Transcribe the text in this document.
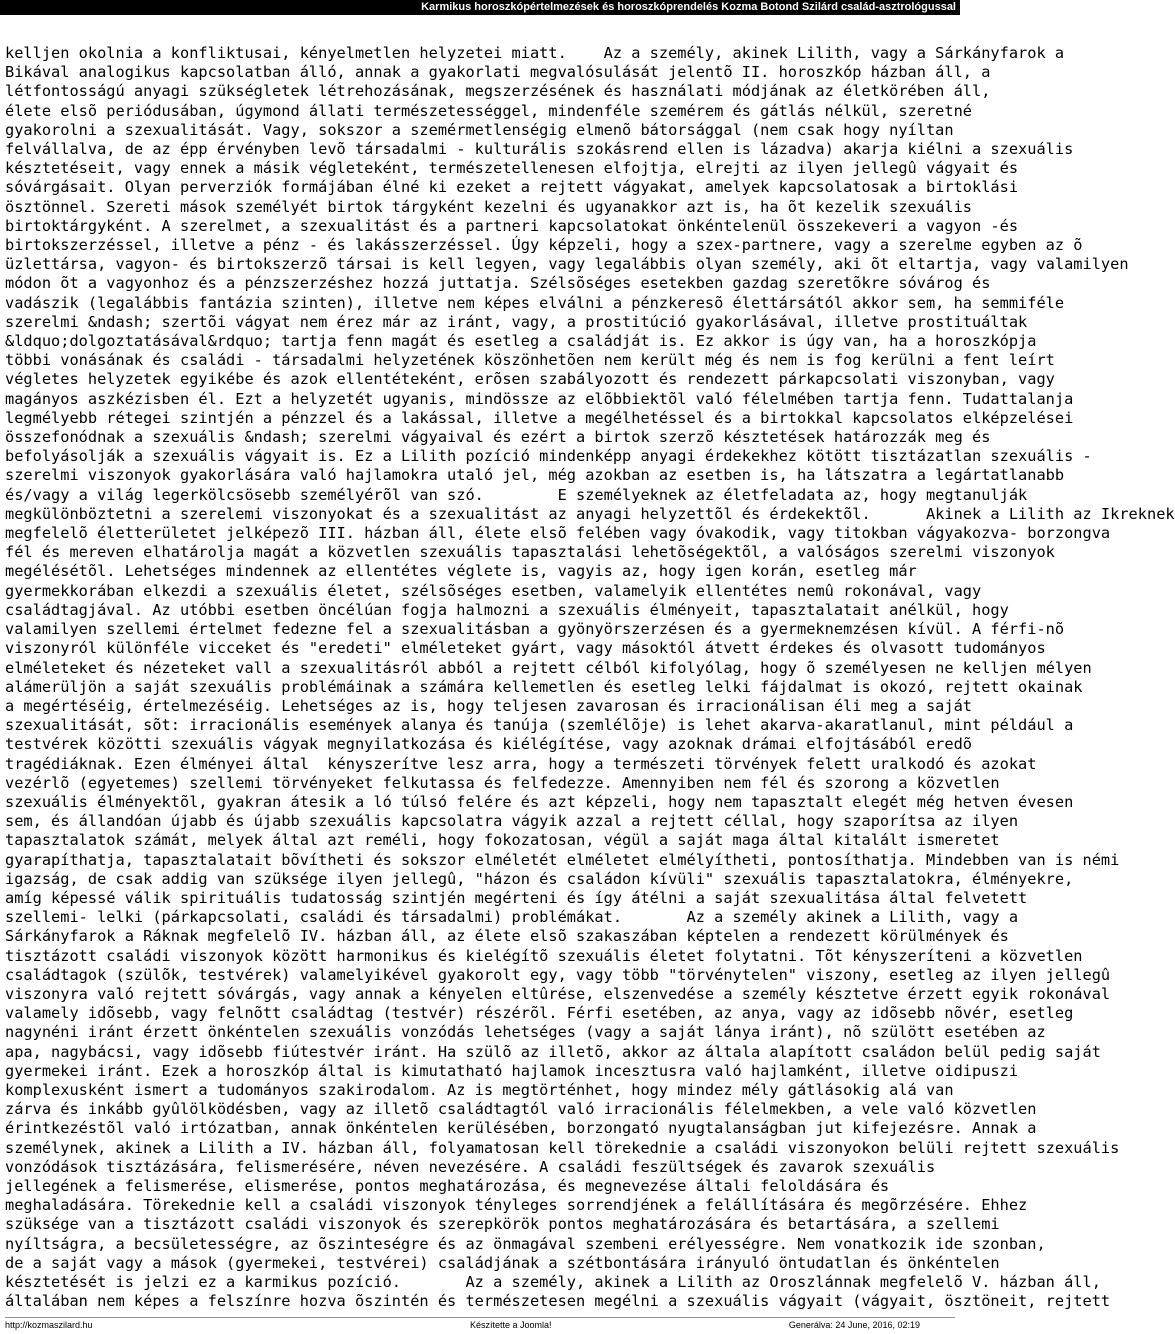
Karmikus horoszkópértelmezések és horoszkóprendelés Kozma Botond Szilárd család-asztrológussal
kelljen okolnia a konfliktusai, kényelmetlen helyzetei miatt.    Az a személy, akinek Lilith, vagy a Sárkányfarok a
Bikával analogikus kapcsolatban álló, annak a gyakorlati megvalósulását jelentõ II. horoszkóp házban áll, a
létfontosságú anyagi szükségletek létrehozásának, megszerzésének és használati módjának az életkörében áll,
élete elsõ periódusában, úgymond állati természetességgel, mindenféle szemérem és gátlás nélkül, szeretné
gyakorolni a szexualitását. Vagy, sokszor a szemérmetlenségig elmenõ bátorsággal (nem csak hogy nyíltan
felvállalva, de az épp érvényben levõ társadalmi - kulturális szokásrend ellen is lázadva) akarja kiélni a szexuális
késztetéseit, vagy ennek a másik végleteként, természetellenesen elfojtja, elrejti az ilyen jellegû vágyait és
sóvárgásait. Olyan perverziók formájában élné ki ezeket a rejtett vágyakat, amelyek kapcsolatosak a birtoklási
ösztönnel. Szereti mások személyét birtok tárgyként kezelni és ugyanakkor azt is, ha õt kezelik szexuális
birtoktárgyként. A szerelmet, a szexualitást és a partneri kapcsolatokat önkéntelenül összekeveri a vagyon -és
birtokszerzéssel, illetve a pénz - és lakásszerzéssel. Úgy képzeli, hogy a szex-partnere, vagy a szerelme egyben az õ
üzlettársa, vagyon- és birtokszerzõ társai is kell legyen, vagy legalábbis olyan személy, aki õt eltartja, vagy valamilyen
módon õt a vagyonhoz és a pénzszerzéshez hozzá juttatja. Szélsõséges esetekben gazdag szeretõkre sóvárog és
vadászik (legalábbis fantázia szinten), illetve nem képes elválni a pénzkeresõ élettársától akkor sem, ha semmiféle
szerelmi &ndash; szertõi vágyat nem érez már az iránt, vagy, a prostitúció gyakorlásával, illetve prostituáltak
&ldquo;dolgoztatásával&rdquo; tartja fenn magát és esetleg a családját is. Ez akkor is úgy van, ha a horoszkópja
többi vonásának és családi - társadalmi helyzetének köszönhetõen nem került még és nem is fog kerülni a fent leírt
végletes helyzetek egyikébe és azok ellentéteként, erõsen szabályozott és rendezett párkapcsolati viszonyban, vagy
magányos aszkézisben él. Ezt a helyzetét ugyanis, mindössze az elõbbiektõl való félelmében tartja fenn. Tudattalanja
legmélyebb rétegei szintjén a pénzzel és a lakással, illetve a megélhetéssel és a birtokkal kapcsolatos elképzelései
összefonódnak a szexuális &ndash; szerelmi vágyaival és ezért a birtok szerzõ késztetések határozzák meg és
befolyásolják a szexuális vágyait is. Ez a Lilith pozíció mindenképp anyagi érdekekhez kötött tisztázatlan szexuális -
szerelmi viszonyok gyakorlására való hajlamokra utaló jel, még azokban az esetben is, ha látszatra a legártatlanabb
és/vagy a világ legerkölcsösebb személyérõl van szó.        E személyeknek az életfeladata az, hogy megtanulják
megkülönböztetni a szerelemi viszonyokat és a szexualitást az anyagi helyzettõl és érdekektõl.      Akinek a Lilith az Ikreknek
megfelelõ életterületet jelképezõ III. házban áll, élete elsõ felében vagy óvakodik, vagy titokban vágyakozva- borzongva
fél és mereven elhatárolja magát a közvetlen szexuális tapasztalási lehetõségektõl, a valóságos szerelmi viszonyok
megélésétõl. Lehetséges mindennek az ellentétes véglete is, vagyis az, hogy igen korán, esetleg már
gyermekkorában elkezdi a szexuális életet, szélsõséges esetben, valamelyik ellentétes nemû rokonával, vagy
családtagjával. Az utóbbi esetben öncélúan fogja halmozni a szexuális élményeit, tapasztalatait anélkül, hogy
valamilyen szellemi értelmet fedezne fel a szexualitásban a gyönyörszerzésen és a gyermeknemzésen kívül. A férfi-nõ
viszonyról különféle vicceket és "eredeti" elméleteket gyárt, vagy másoktól átvett érdekes és olvasott tudományos
elméleteket és nézeteket vall a szexualitásról abból a rejtett célból kifolyólag, hogy õ személyesen ne kelljen mélyen
alámerüljön a saját szexuális problémáinak a számára kellemetlen és esetleg lelki fájdalmat is okozó, rejtett okainak
a megértéséig, értelmezéséig. Lehetséges az is, hogy teljesen zavarosan és irracionálisan éli meg a saját
szexualitását, sõt: irracionális események alanya és tanúja (szemlélõje) is lehet akarva-akaratlanul, mint például a
testvérek közötti szexuális vágyak megnyilatkozása és kiélégítése, vagy azoknak drámai elfojtásából eredõ
tragédiáknak. Ezen élményei által  kényszerítve lesz arra, hogy a természeti törvények felett uralkodó és azokat
vezérlõ (egyetemes) szellemi törvényeket felkutassa és felfedezze. Amennyiben nem fél és szorong a közvetlen
szexuális élményektõl, gyakran átesik a ló túlsó felére és azt képzeli, hogy nem tapasztalt elegét még hetven évesen
sem, és állandóan újabb és újabb szexuális kapcsolatra vágyik azzal a rejtett céllal, hogy szaporítsa az ilyen
tapasztalatok számát, melyek által azt reméli, hogy fokozatosan, végül a saját maga által kitalált ismeretet
gyarapíthatja, tapasztalatait bõvítheti és sokszor elméletét elméletet elmélyítheti, pontosíthatja. Mindebben van is némi
igazság, de csak addig van szüksége ilyen jellegû, "házon és családon kívüli" szexuális tapasztalatokra, élményekre,
amíg képessé válik spirituális tudatosság szintjén megérteni és így átélni a saját szexualitása által felvetett
szellemi- lelki (párkapcsolati, családi és társadalmi) problémákat.       Az a személy akinek a Lilith, vagy a
Sárkányfarok a Ráknak megfelelõ IV. házban áll, az élete elsõ szakaszában képtelen a rendezett körülmények és
tisztázott családi viszonyok között harmonikus és kielégítõ szexuális életet folytatni. Tõt kényszeríteni a közvetlen
családtagok (szülõk, testvérek) valamelyikével gyakorolt egy, vagy több "törvénytelen" viszony, esetleg az ilyen jellegû
viszonyra való rejtett sóvárgás, vagy annak a kényelen eltûrése, elszenvedése a személy késztetve érzett egyik rokonával
valamely idõsebb, vagy felnõtt családtag (testvér) részérõl. Férfi esetében, az anya, vagy az idõsebb nõvér, esetleg
nagynéni iránt érzett önkéntelen szexuális vonzódás lehetséges (vagy a saját lánya iránt), nõ szülött esetében az
apa, nagybácsi, vagy idõsebb fiútestvér iránt. Ha szülõ az illetõ, akkor az általa alapított családon belül pedig saját
gyermekei iránt. Ezek a horoszkóp által is kimutatható hajlamok incesztusra való hajlamként, illetve oidipuszi
komplexusként ismert a tudományos szakirodalom. Az is megtörténhet, hogy mindez mély gátlásokig alá van
zárva és inkább gyûlölködésben, vagy az illetõ családtagtól való irracionális félelmekben, a vele való közvetlen
érintkezéstõl való irtózatban, annak önkéntelen kerülésében, borzongató nyugtalanságban jut kifejezésre. Annak a
személynek, akinek a Lilith a IV. házban áll, folyamatosan kell törekednie a családi viszonyokon belüli rejtett szexuális
vonzódások tisztázására, felismerésére, néven nevezésére. A családi feszültségek és zavarok szexuális
jellegének a felismerése, elismerése, pontos meghatározása, és megnevezése általi feloldására és
meghaladására. Törekednie kell a családi viszonyok tényleges sorrendjének a felállítására és megõrzésére. Ehhez
szüksége van a tisztázott családi viszonyok és szerepkörök pontos meghatározására és betartására, a szellemi
nyíltságra, a becsületességre, az õszinteségre és az önmagával szembeni erélyességre. Nem vonatkozik ide szonban,
de a saját vagy a mások (gyermekei, testvérei) családjának a szétbontására irányuló öntudatlan és önkéntelen
késztetését is jelzi ez a karmikus pozíció.       Az a személy, akinek a Lilith az Oroszlánnak megfelelõ V. házban áll,
általában nem képes a felszínre hozva õszintén és természetesen megélni a szexuális vágyait (vágyait, ösztöneit, rejtett
http://kozmaszilard.hu	Készítette a Joomla!	Generálva: 24 June, 2016, 02:19
